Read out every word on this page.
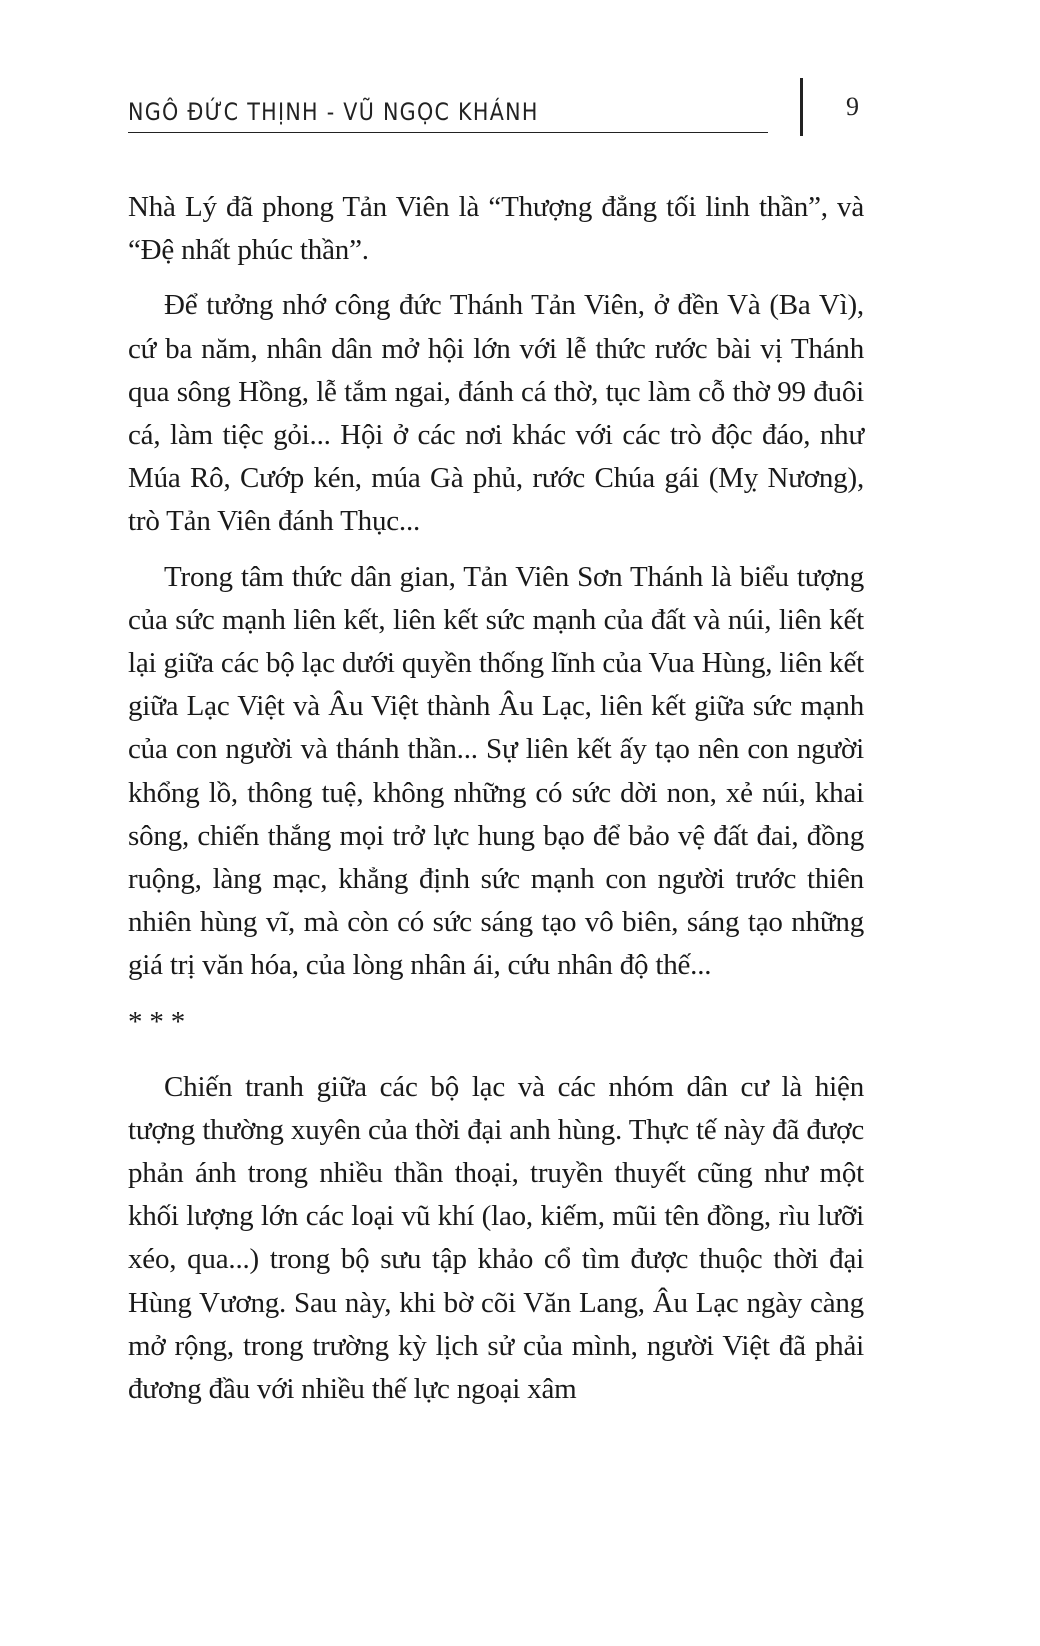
NGÔ ĐỨC THỊNH - VŨ NGỌC KHÁNH	9

Nhà Lý đã phong Tản Viên là “Thượng đẳng tối linh thần”, và “Đệ nhất phúc thần”.

Để tưởng nhớ công đức Thánh Tản Viên, ở đền Và (Ba Vì), cứ ba năm, nhân dân mở hội lớn với lễ thức rước bài vị Thánh qua sông Hồng, lễ tắm ngai, đánh cá thờ, tục làm cỗ thờ 99 đuôi cá, làm tiệc gỏi... Hội ở các nơi khác với các trò độc đáo, như Múa Rô, Cướp kén, múa Gà phủ, rước Chúa gái (Mỵ Nương), trò Tản Viên đánh Thục...

Trong tâm thức dân gian, Tản Viên Sơn Thánh là biểu tượng của sức mạnh liên kết, liên kết sức mạnh của đất và núi, liên kết lại giữa các bộ lạc dưới quyền thống lĩnh của Vua Hùng, liên kết giữa Lạc Việt và Âu Việt thành Âu Lạc, liên kết giữa sức mạnh của con người và thánh thần... Sự liên kết ấy tạo nên con người khổng lồ, thông tuệ, không những có sức dời non, xẻ núi, khai sông, chiến thắng mọi trở lực hung bạo để bảo vệ đất đai, đồng ruộng, làng mạc, khẳng định sức mạnh con người trước thiên nhiên hùng vĩ, mà còn có sức sáng tạo vô biên, sáng tạo những giá trị văn hóa, của lòng nhân ái, cứu nhân độ thế...

* * *

Chiến tranh giữa các bộ lạc và các nhóm dân cư là hiện tượng thường xuyên của thời đại anh hùng. Thực tế này đã được phản ánh trong nhiều thần thoại, truyền thuyết cũng như một khối lượng lớn các loại vũ khí (lao, kiếm, mũi tên đồng, rìu lưỡi xéo, qua...) trong bộ sưu tập khảo cổ tìm được thuộc thời đại Hùng Vương. Sau này, khi bờ cõi Văn Lang, Âu Lạc ngày càng mở rộng, trong trường kỳ lịch sử của mình, người Việt đã phải đương đầu với nhiều thế lực ngoại xâm
